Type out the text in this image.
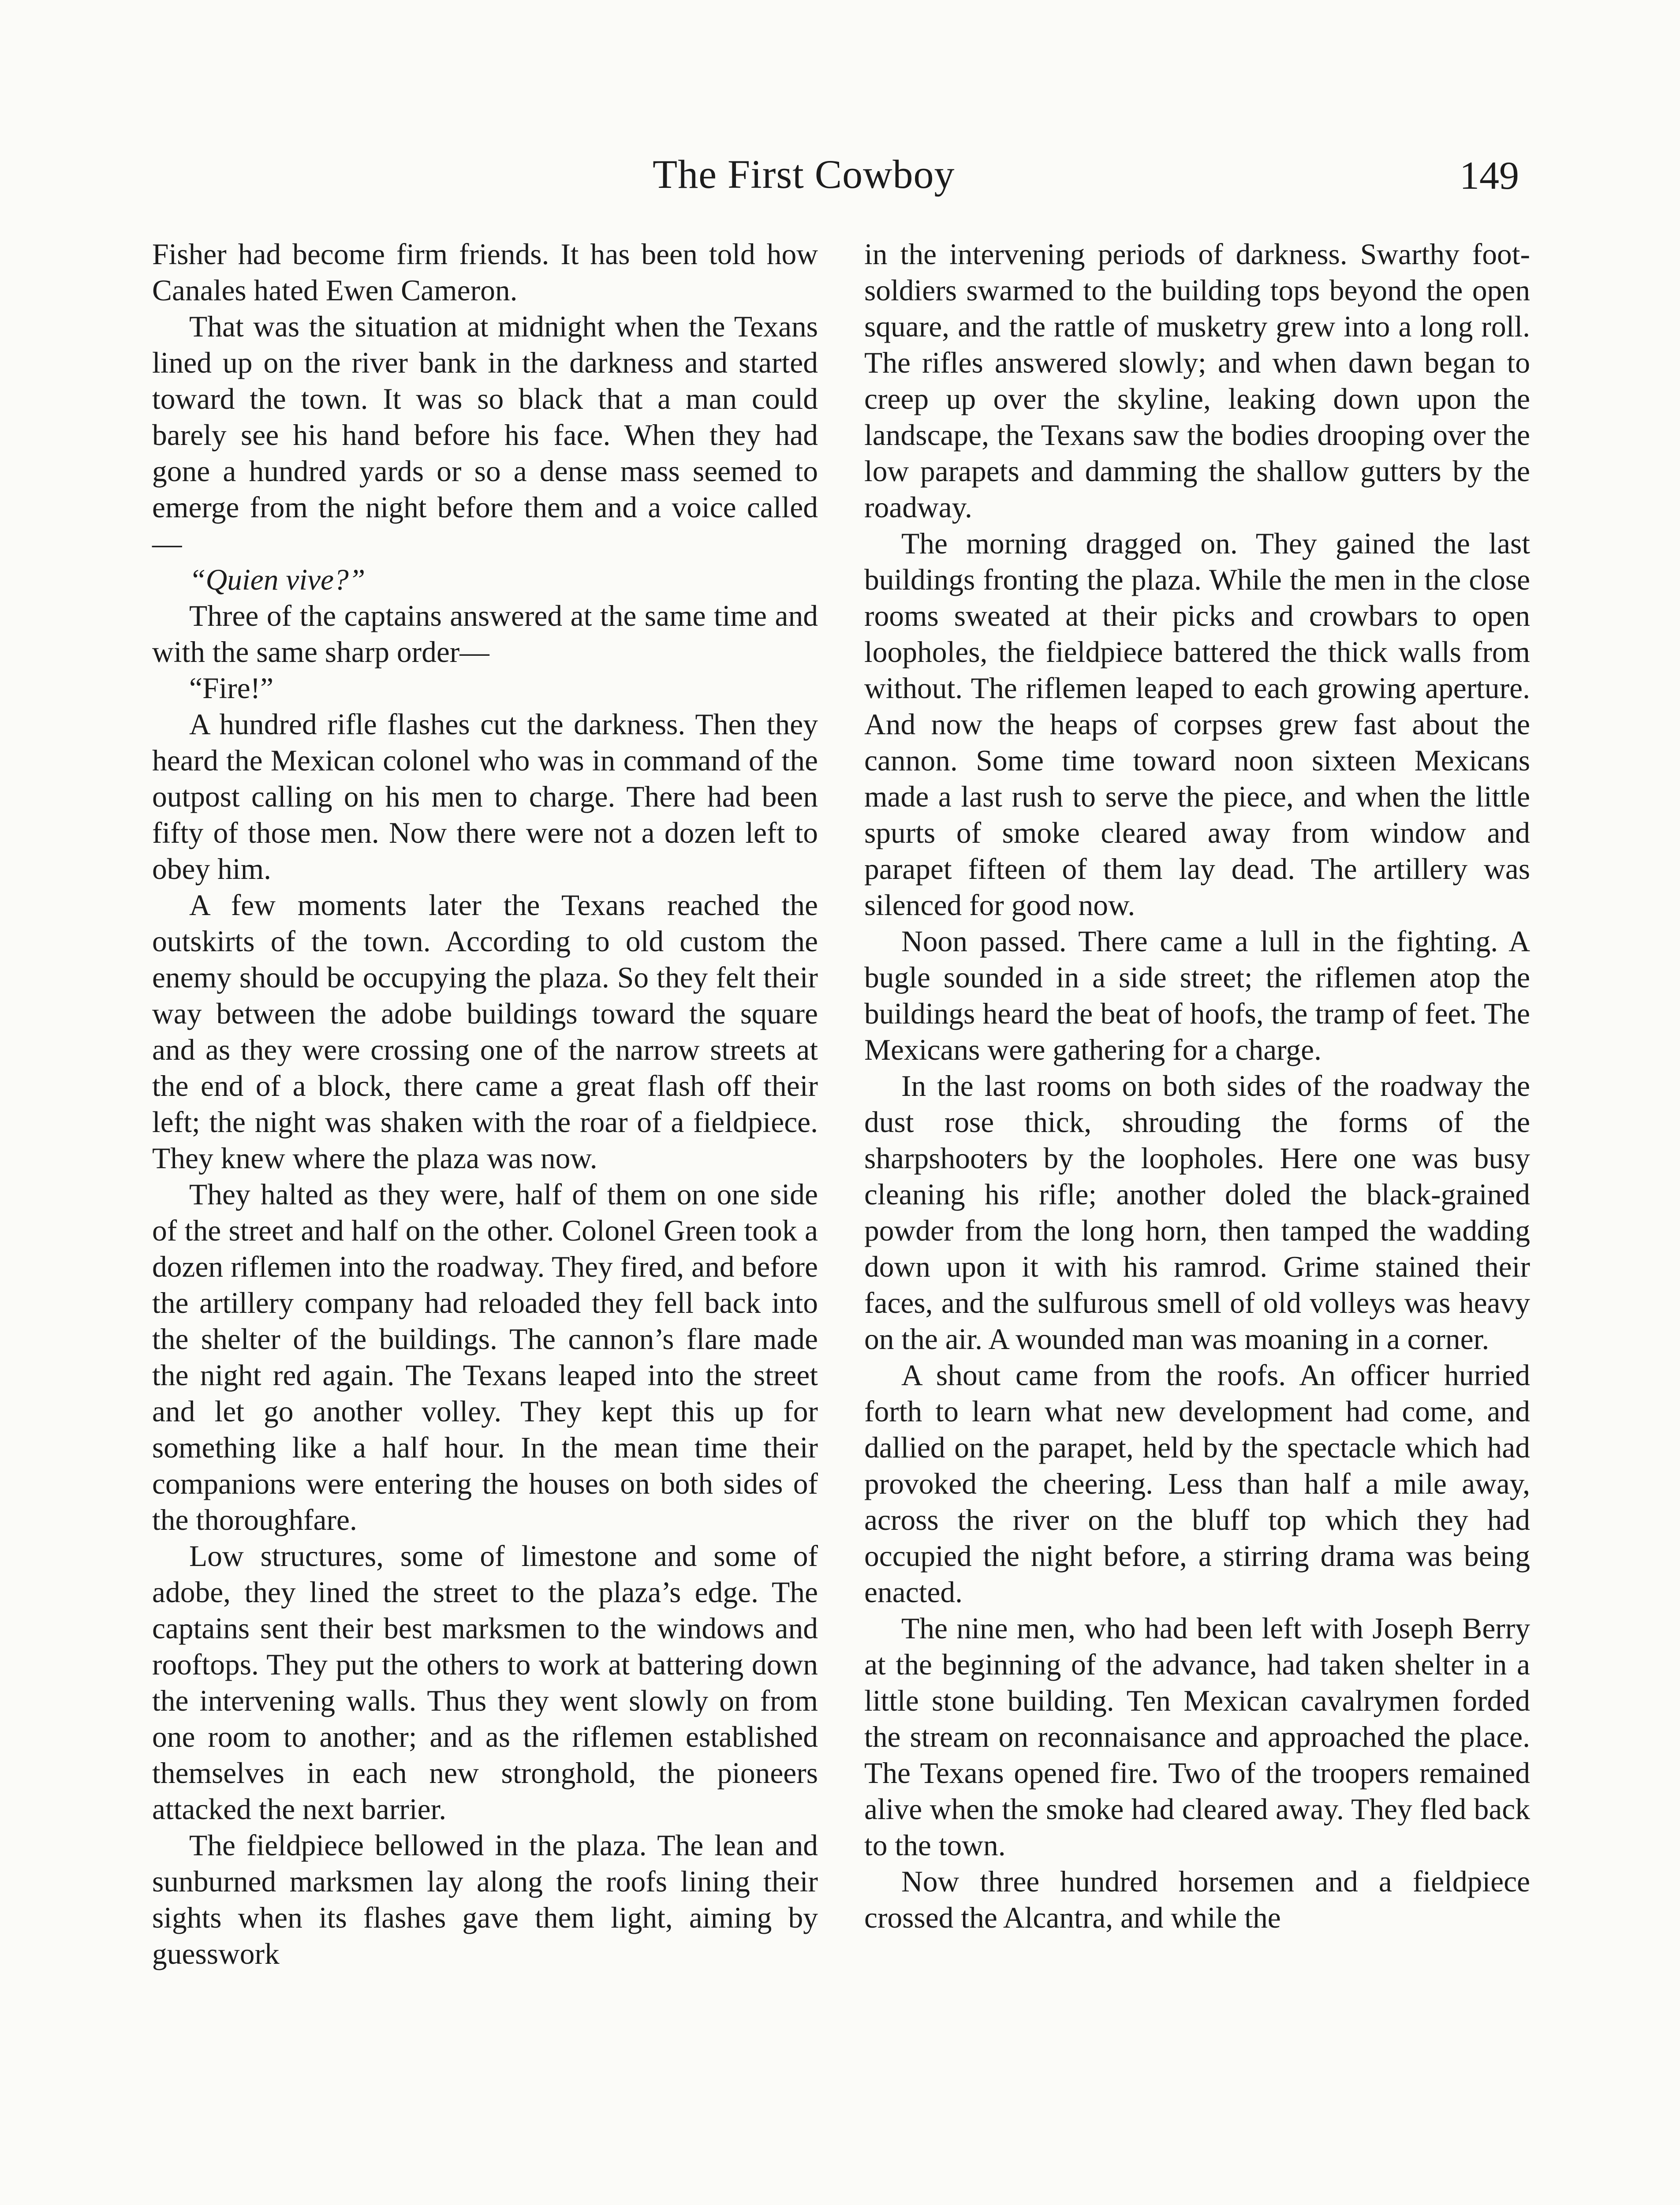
The First Cowboy	149

Fisher had become firm friends. It has been told how Canales hated Ewen Cameron.

That was the situation at midnight when the Texans lined up on the river bank in the darkness and started toward the town. It was so black that a man could barely see his hand before his face. When they had gone a hundred yards or so a dense mass seemed to emerge from the night before them and a voice called—

“Quien vive?”

Three of the captains answered at the same time and with the same sharp order—

“Fire!”

A hundred rifle flashes cut the darkness. Then they heard the Mexican colonel who was in command of the outpost calling on his men to charge. There had been fifty of those men. Now there were not a dozen left to obey him.

A few moments later the Texans reached the outskirts of the town. According to old custom the enemy should be occupying the plaza. So they felt their way between the adobe buildings toward the square and as they were crossing one of the narrow streets at the end of a block, there came a great flash off their left; the night was shaken with the roar of a fieldpiece. They knew where the plaza was now.

They halted as they were, half of them on one side of the street and half on the other. Colonel Green took a dozen riflemen into the roadway. They fired, and before the artillery company had reloaded they fell back into the shelter of the buildings. The cannon’s flare made the night red again. The Texans leaped into the street and let go another volley. They kept this up for something like a half hour. In the mean time their companions were entering the houses on both sides of the thoroughfare.

Low structures, some of limestone and some of adobe, they lined the street to the plaza’s edge. The captains sent their best marksmen to the windows and rooftops. They put the others to work at battering down the intervening walls. Thus they went slowly on from one room to another; and as the riflemen established themselves in each new stronghold, the pioneers attacked the next barrier.

The fieldpiece bellowed in the plaza. The lean and sunburned marksmen lay along the roofs lining their sights when its flashes gave them light, aiming by guesswork

in the intervening periods of darkness. Swarthy foot-soldiers swarmed to the building tops beyond the open square, and the rattle of musketry grew into a long roll. The rifles answered slowly; and when dawn began to creep up over the skyline, leaking down upon the landscape, the Texans saw the bodies drooping over the low parapets and damming the shallow gutters by the roadway.

The morning dragged on. They gained the last buildings fronting the plaza. While the men in the close rooms sweated at their picks and crowbars to open loopholes, the fieldpiece battered the thick walls from without. The riflemen leaped to each growing aperture. And now the heaps of corpses grew fast about the cannon. Some time toward noon sixteen Mexicans made a last rush to serve the piece, and when the little spurts of smoke cleared away from window and parapet fifteen of them lay dead. The artillery was silenced for good now.

Noon passed. There came a lull in the fighting. A bugle sounded in a side street; the riflemen atop the buildings heard the beat of hoofs, the tramp of feet. The Mexicans were gathering for a charge.

In the last rooms on both sides of the roadway the dust rose thick, shrouding the forms of the sharpshooters by the loopholes. Here one was busy cleaning his rifle; another doled the black-grained powder from the long horn, then tamped the wadding down upon it with his ramrod. Grime stained their faces, and the sulfurous smell of old volleys was heavy on the air. A wounded man was moaning in a corner.

A shout came from the roofs. An officer hurried forth to learn what new development had come, and dallied on the parapet, held by the spectacle which had provoked the cheering. Less than half a mile away, across the river on the bluff top which they had occupied the night before, a stirring drama was being enacted.

The nine men, who had been left with Joseph Berry at the beginning of the advance, had taken shelter in a little stone building. Ten Mexican cavalrymen forded the stream on reconnaisance and approached the place. The Texans opened fire. Two of the troopers remained alive when the smoke had cleared away. They fled back to the town.

Now three hundred horsemen and a fieldpiece crossed the Alcantra, and while the
